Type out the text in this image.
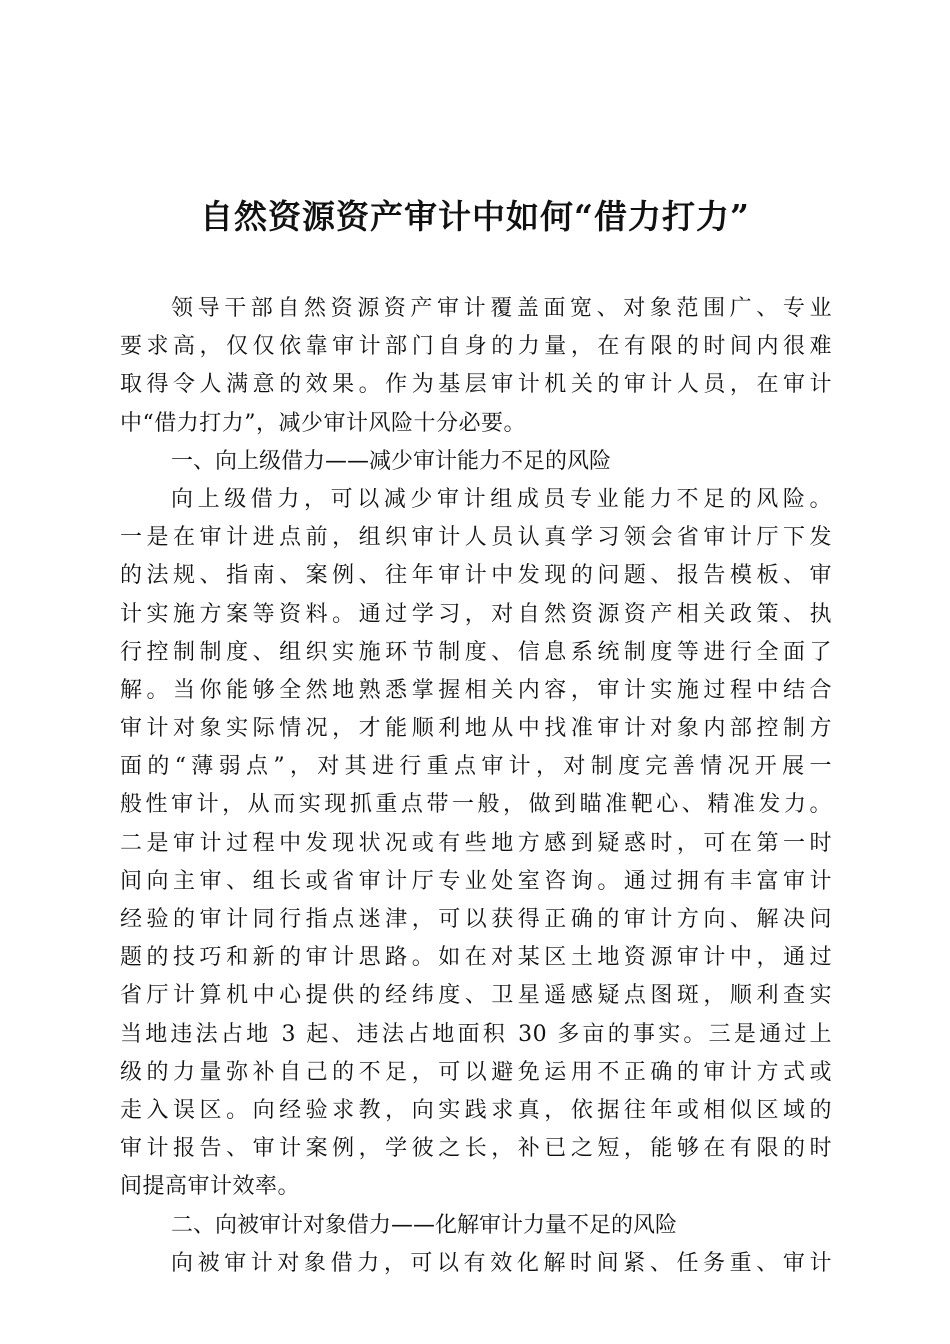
自然资源资产审计中如何“借力打力”
领导干部自然资源资产审计覆盖面宽、对象范围广、专业
要求高，仅仅依靠审计部门自身的力量，在有限的时间内很难
取得令人满意的效果。作为基层审计机关的审计人员，在审计
中“借力打力”，减少审计风险十分必要。
一、向上级借力——减少审计能力不足的风险
向上级借力，可以减少审计组成员专业能力不足的风险。
一是在审计进点前，组织审计人员认真学习领会省审计厅下发
的法规、指南、案例、往年审计中发现的问题、报告模板、审
计实施方案等资料。通过学习，对自然资源资产相关政策、执
行控制制度、组织实施环节制度、信息系统制度等进行全面了
解。当你能够全然地熟悉掌握相关内容，审计实施过程中结合
审计对象实际情况，才能顺利地从中找准审计对象内部控制方
面的“薄弱点”，对其进行重点审计，对制度完善情况开展一
般性审计，从而实现抓重点带一般，做到瞄准靶心、精准发力。
二是审计过程中发现状况或有些地方感到疑惑时，可在第一时
间向主审、组长或省审计厅专业处室咨询。通过拥有丰富审计
经验的审计同行指点迷津，可以获得正确的审计方向、解决问
题的技巧和新的审计思路。如在对某区土地资源审计中，通过
省厅计算机中心提供的经纬度、卫星遥感疑点图斑，顺利查实
当地违法占地 3 起、违法占地面积 30 多亩的事实。三是通过上
级的力量弥补自己的不足，可以避免运用不正确的审计方式或
走入误区。向经验求教，向实践求真，依据往年或相似区域的
审计报告、审计案例，学彼之长，补已之短，能够在有限的时
间提高审计效率。
二、向被审计对象借力——化解审计力量不足的风险
向被审计对象借力，可以有效化解时间紧、任务重、审计
